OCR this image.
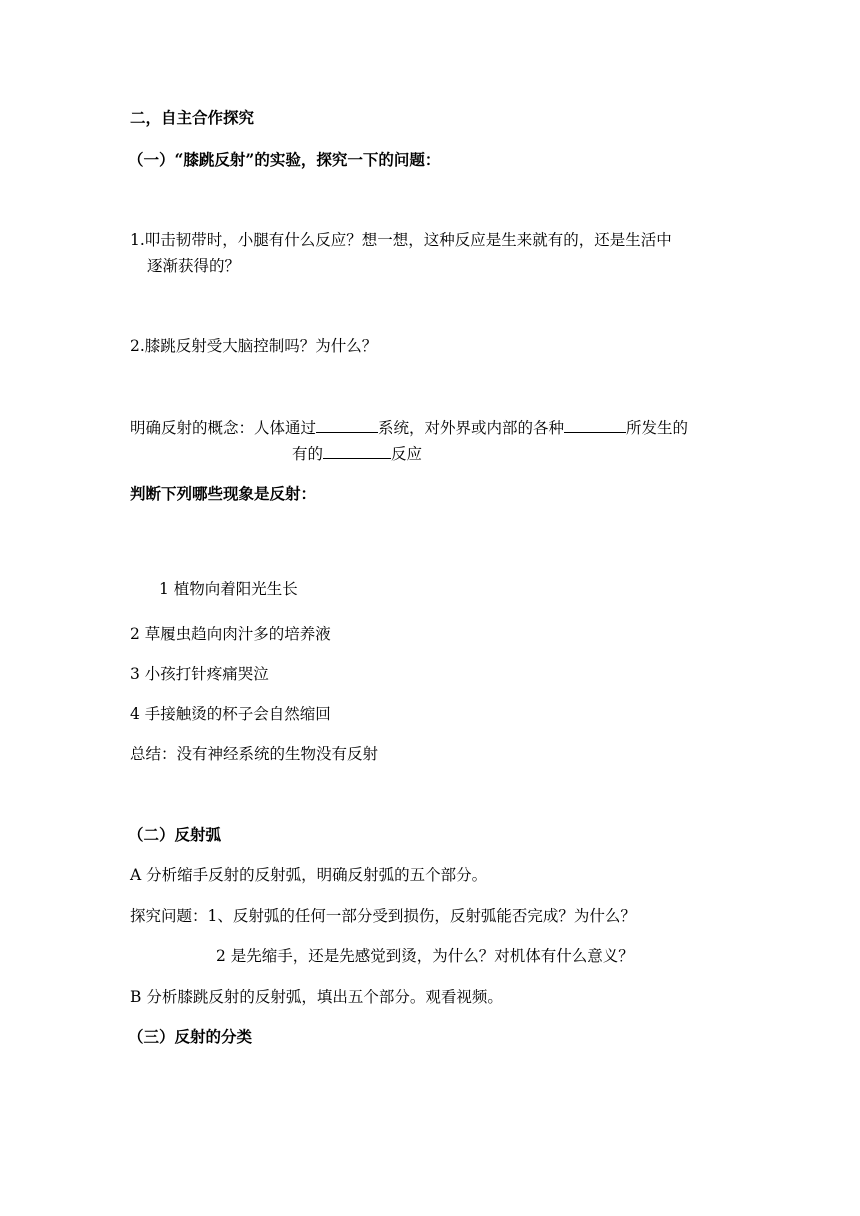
二，自主合作探究
（一）“膝跳反射”的实验，探究一下的问题：
1.叩击韧带时，小腿有什么反应？想一想，这种反应是生来就有的，还是生活中
逐渐获得的？
2.膝跳反射受大脑控制吗？为什么？
明确反射的概念：人体通过	系统，对外界或内部的各种	所发生的
有的	反应
判断下列哪些现象是反射：
1 植物向着阳光生长
2 草履虫趋向肉汁多的培养液
3 小孩打针疼痛哭泣
4 手接触烫的杯子会自然缩回
总结：没有神经系统的生物没有反射
（二）反射弧
A 分析缩手反射的反射弧，明确反射弧的五个部分。
探究问题：1、反射弧的任何一部分受到损伤，反射弧能否完成？为什么？
2 是先缩手，还是先感觉到烫，为什么？对机体有什么意义？
B 分析膝跳反射的反射弧，填出五个部分。观看视频。
（三）反射的分类
